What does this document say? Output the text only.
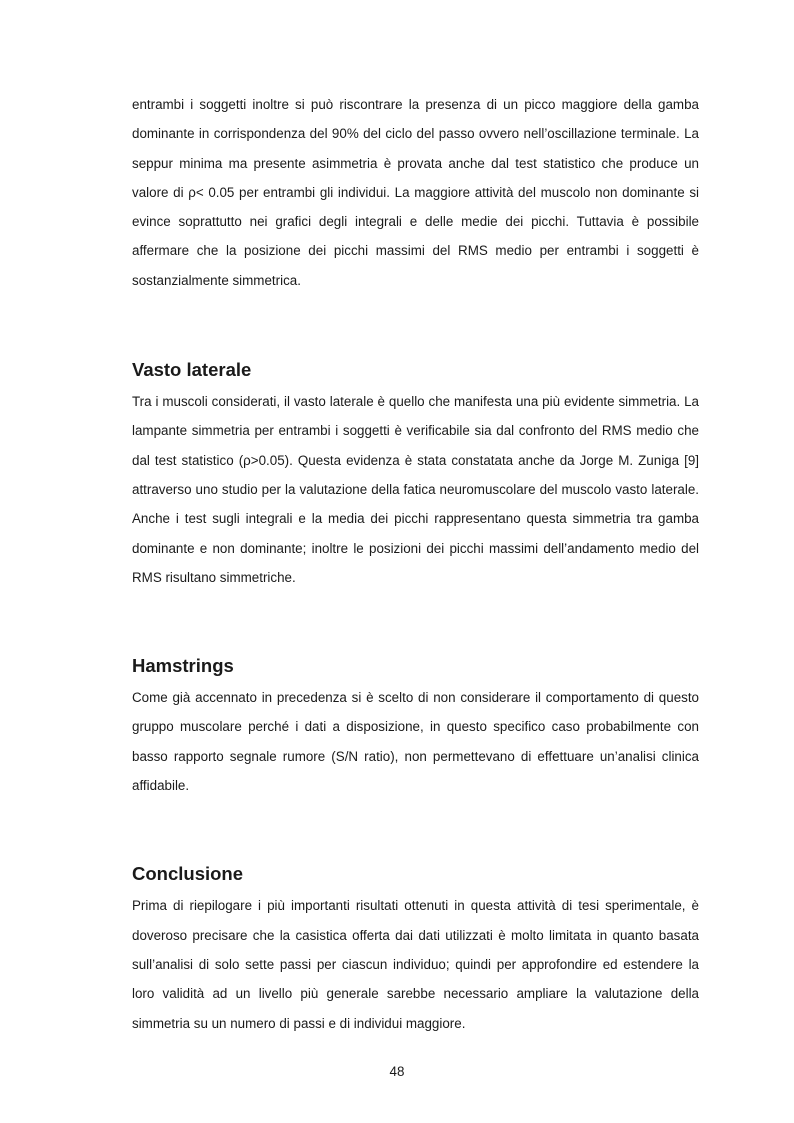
entrambi i soggetti inoltre si può riscontrare la presenza di un picco maggiore della gamba dominante in corrispondenza del 90% del ciclo del passo ovvero nell’oscillazione terminale. La seppur minima ma presente asimmetria è provata anche dal test statistico che produce un valore di ρ< 0.05 per entrambi gli individui. La maggiore attività del muscolo non dominante si evince soprattutto nei grafici degli integrali e delle medie dei picchi. Tuttavia è possibile affermare che la posizione dei picchi massimi del RMS medio per entrambi i soggetti è sostanzialmente simmetrica.

Vasto laterale

Tra i muscoli considerati, il vasto laterale è quello che manifesta una più evidente simmetria. La lampante simmetria per entrambi i soggetti è verificabile sia dal confronto del RMS medio che dal test statistico (ρ>0.05). Questa evidenza è stata constatata anche da Jorge M. Zuniga [9] attraverso uno studio per la valutazione della fatica neuromuscolare del muscolo vasto laterale. Anche i test sugli integrali e la media dei picchi rappresentano questa simmetria tra gamba dominante e non dominante; inoltre le posizioni dei picchi massimi dell’andamento medio del RMS risultano simmetriche.

Hamstrings

Come già accennato in precedenza si è scelto di non considerare il comportamento di questo gruppo muscolare perché i dati a disposizione, in questo specifico caso probabilmente con basso rapporto segnale rumore (S/N ratio), non permettevano di effettuare un’analisi clinica affidabile.

Conclusione

Prima di riepilogare i più importanti risultati ottenuti in questa attività di tesi sperimentale, è doveroso precisare che la casistica offerta dai dati utilizzati è molto limitata in quanto basata sull’analisi di solo sette passi per ciascun individuo; quindi per approfondire ed estendere la loro validità ad un livello più generale sarebbe necessario ampliare la valutazione della simmetria su un numero di passi e di individui maggiore.

48
